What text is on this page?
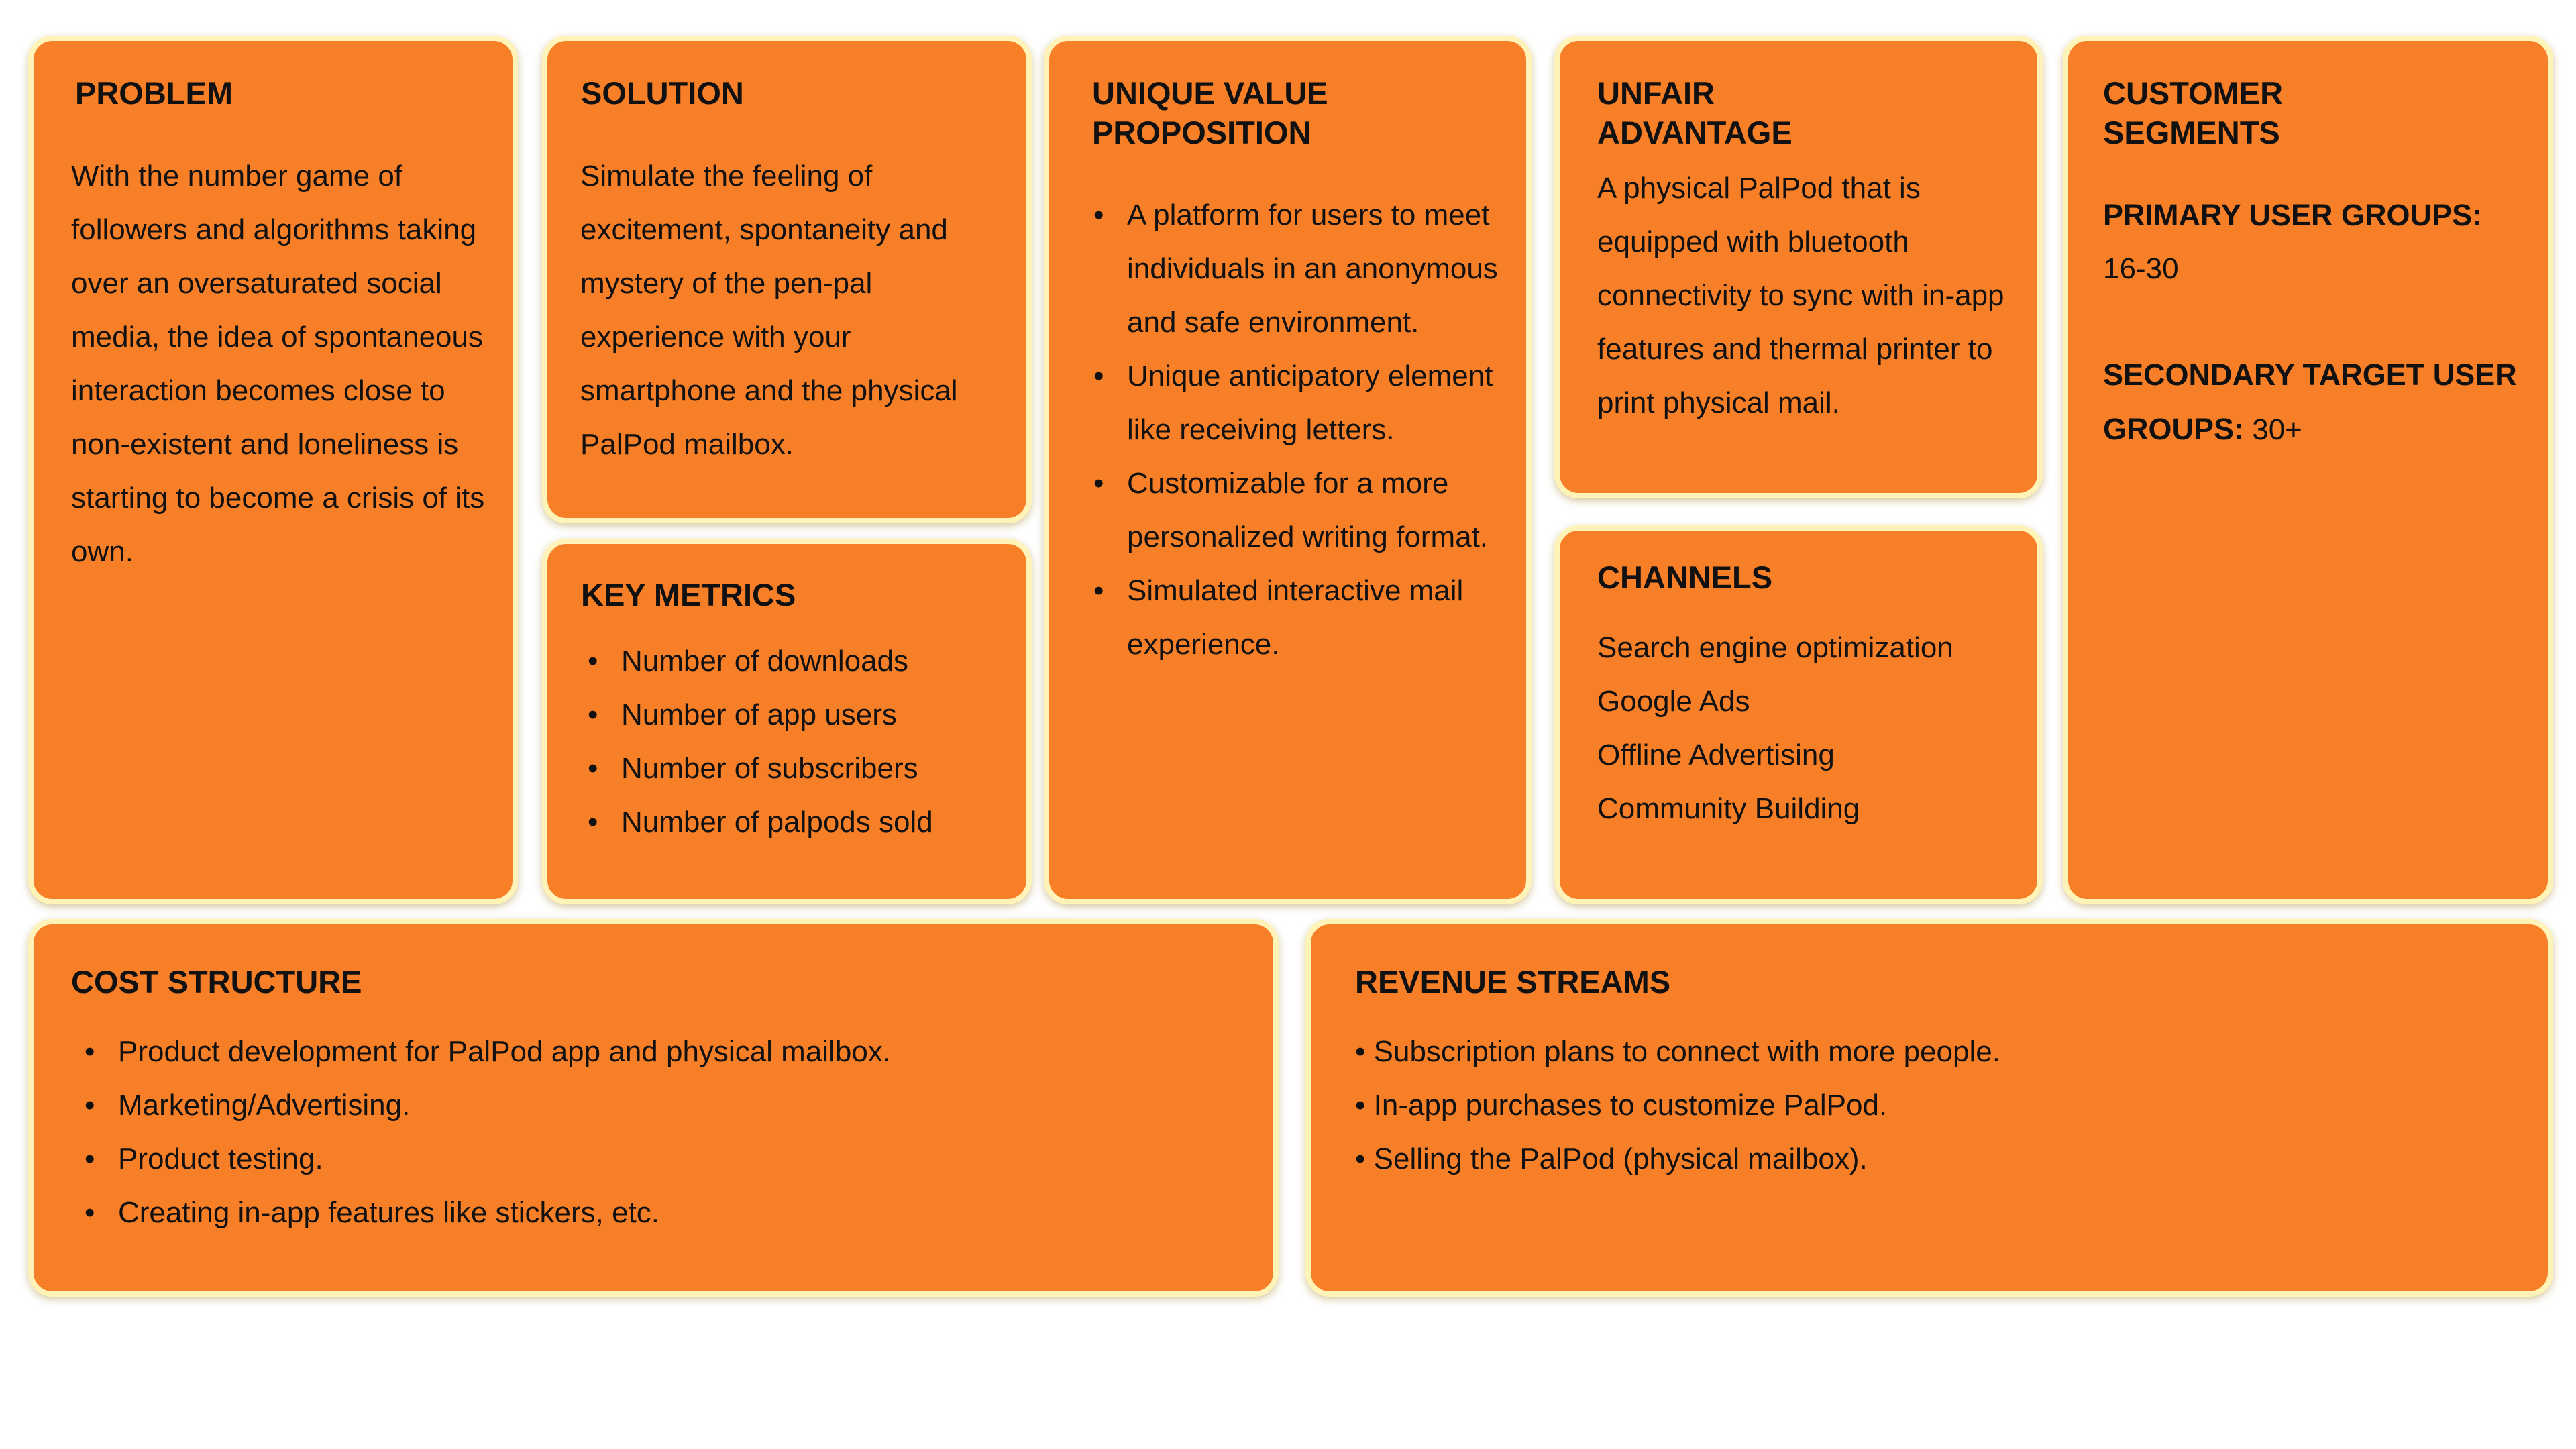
PROBLEM

With the number game of followers and algorithms taking over an oversaturated social media, the idea of spontaneous interaction becomes close to non-existent and loneliness is starting to become a crisis of its own.

SOLUTION

Simulate the feeling of excitement, spontaneity and mystery of the pen-pal experience with your smartphone and the physical PalPod mailbox.

KEY METRICS
• Number of downloads
• Number of app users
• Number of subscribers
• Number of palpods sold
UNIQUE VALUE
PROPOSITION
• A platform for users to meet individuals in an anonymous and safe environment.
• Unique anticipatory element like receiving letters.
• Customizable for a more personalized writing format.
• Simulated interactive mail experience.
UNFAIR
ADVANTAGE

A physical PalPod that is equipped with bluetooth connectivity to sync with in-app features and thermal printer to print physical mail.

CHANNELS
Search engine optimization
Google Ads
Offline Advertising
Community Building
CUSTOMER
SEGMENTS

PRIMARY USER GROUPS:

16-30

SECONDARY TARGET USER GROUPS: 30+

COST STRUCTURE
• Product development for PalPod app and physical mailbox.
• Marketing/Advertising.
• Product testing.
• Creating in-app features like stickers, etc.
REVENUE STREAMS
• Subscription plans to connect with more people.
• In-app purchases to customize PalPod.
• Selling the PalPod (physical mailbox).
